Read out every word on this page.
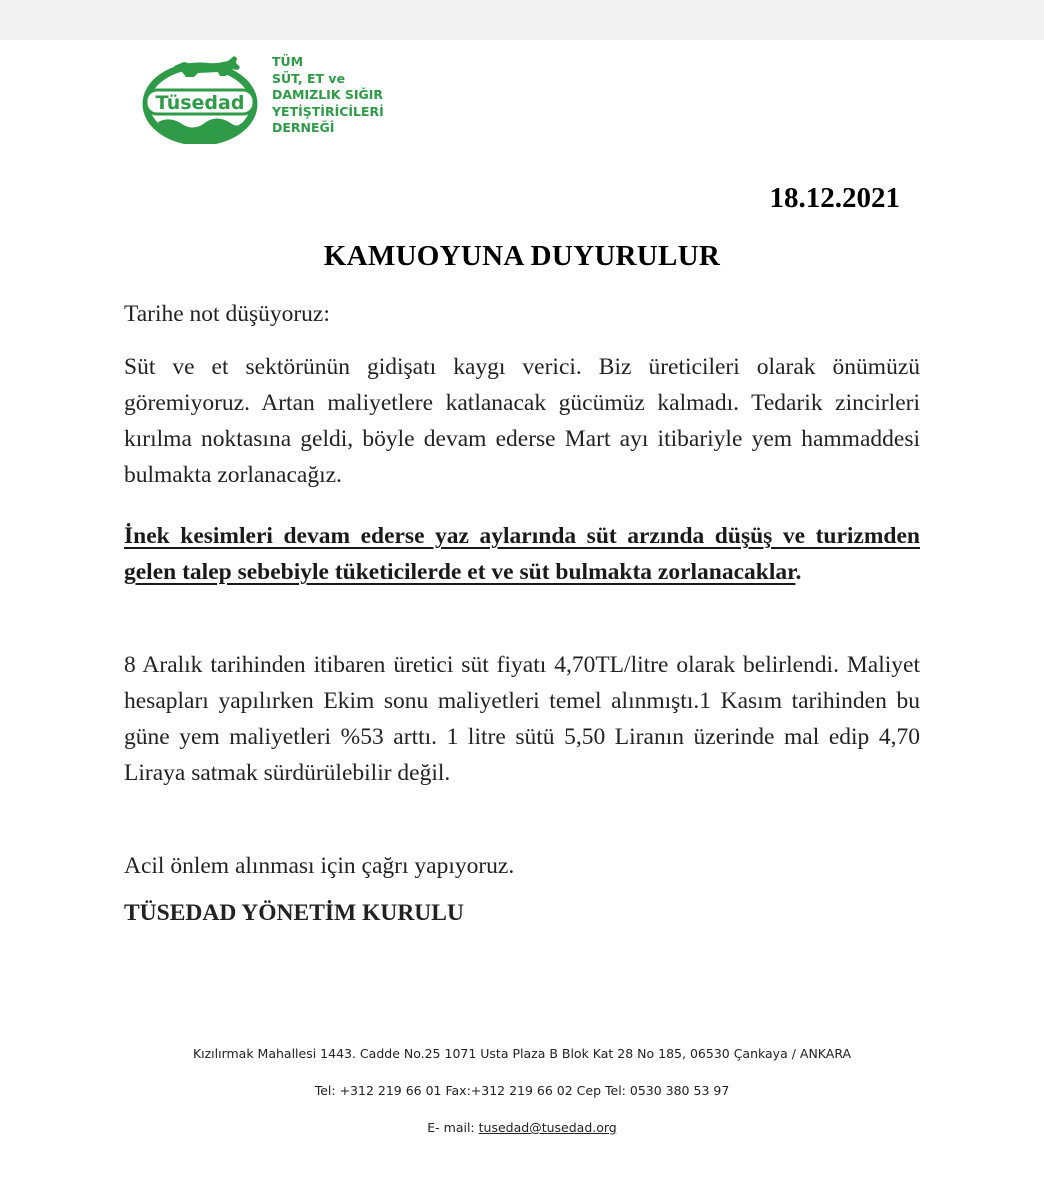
Tüsedad
TÜM
SÜT, ET ve
DAMIZLIK SIĞIR
YETİŞTİRİCİLERİ
DERNEĞİ
18.12.2021
KAMUOYUNA DUYURULUR
Tarihe not düşüyoruz:
Süt ve et sektörünün gidişatı kaygı verici. Biz üreticileri olarak önümüzü göremiyoruz. Artan maliyetlere katlanacak gücümüz kalmadı. Tedarik zincirleri kırılma noktasına geldi, böyle devam ederse Mart ayı itibariyle yem hammaddesi bulmakta zorlanacağız.
İnek kesimleri devam ederse yaz aylarında süt arzında düşüş ve turizmden gelen talep sebebiyle tüketicilerde et ve süt bulmakta zorlanacaklar.
8 Aralık tarihinden itibaren üretici süt fiyatı 4,70TL/litre olarak belirlendi. Maliyet hesapları yapılırken Ekim sonu maliyetleri temel alınmıştı.1 Kasım tarihinden bu güne yem maliyetleri %53 arttı. 1 litre sütü 5,50 Liranın üzerinde mal edip 4,70 Liraya satmak sürdürülebilir değil.
Acil önlem alınması için çağrı yapıyoruz.
TÜSEDAD YÖNETİM KURULU
Kızılırmak Mahallesi 1443. Cadde No.25 1071 Usta Plaza B Blok Kat 28 No 185, 06530 Çankaya / ANKARA
Tel: +312 219 66 01 Fax:+312 219 66 02 Cep Tel: 0530 380 53 97
E- mail: tusedad@tusedad.org
